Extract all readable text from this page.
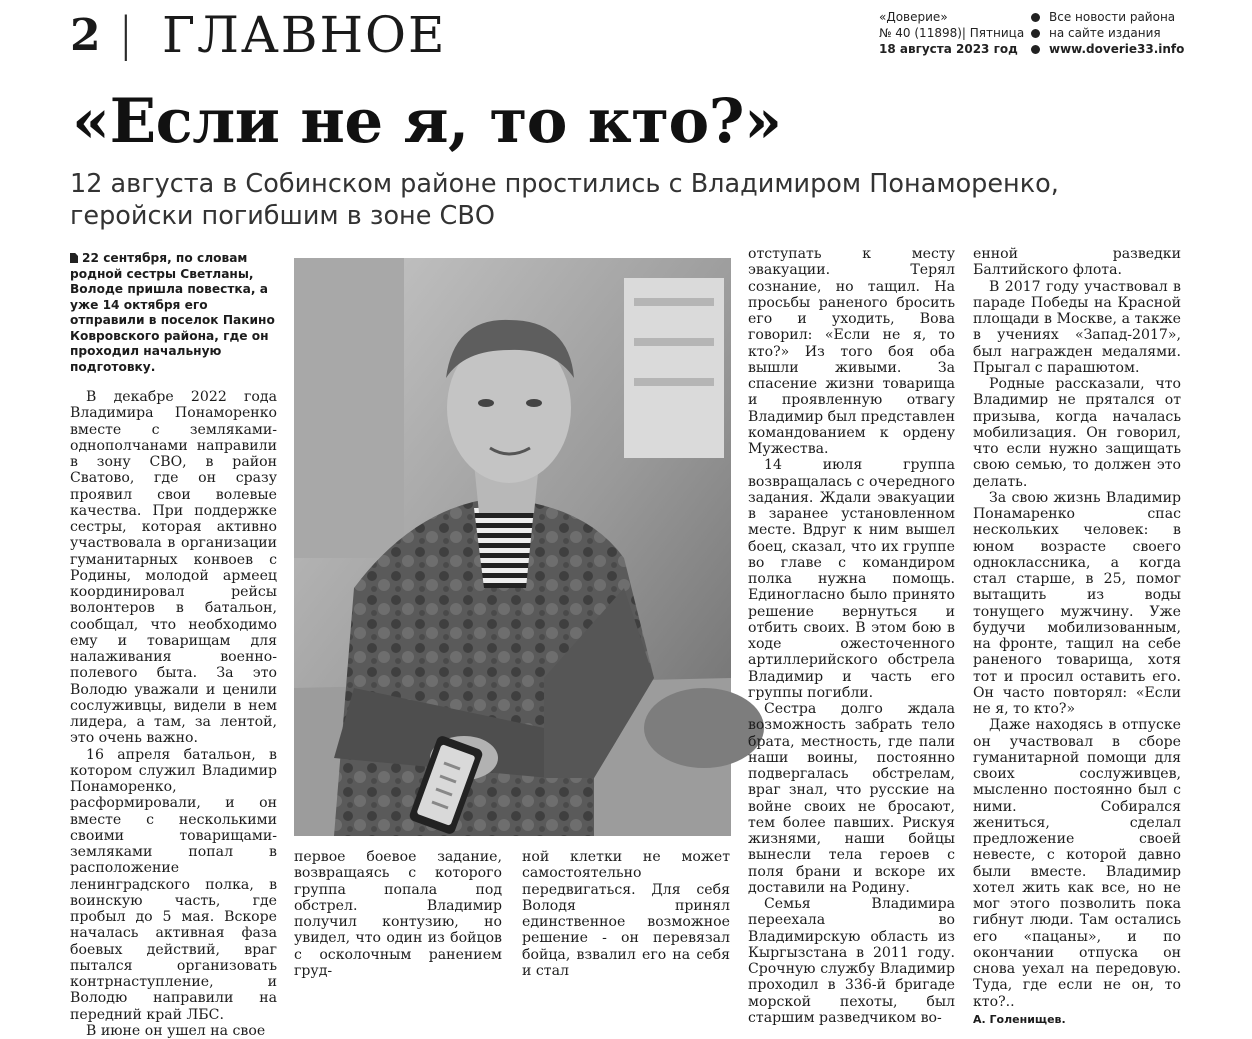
2 | ГЛАВНОЕ	«Доверие»
№ 40 (11898)| Пятница
18 августа 2023 год
Все новости района
на сайте издания
www.doverie33.info
«Если не я, то кто?»
12 августа в Собинском районе простились с Владимиром Понаморенко, геройски погибшим в зоне СВО

22 сентября, по словам родной сестры Светланы, Володе пришла повестка, а уже 14 октября его отправили в поселок Пакино Ковровского района, где он проходил начальную подготовку.

В декабре 2022 года Владимира Понаморенко вместе с земляками-однополчанами направили в зону СВО, в район Сватово, где он сразу проявил свои волевые качества. При поддержке сестры, которая активно участвовала в организации гуманитарных конвоев с Родины, молодой армеец координировал рейсы волонтеров в батальон, сообщал, что необходимо ему и товарищам для налаживания военно-полевого быта. За это Володю уважали и ценили сослуживцы, видели в нем лидера, а там, за лентой, это очень важно.

16 апреля батальон, в котором служил Владимир Понаморенко, расформировали, и он вместе с несколькими своими товарищами-земляками попал в расположение ленинградского полка, в воинскую часть, где пробыл до 5 мая. Вскоре началась активная фаза боевых действий, враг пытался организовать контрнаступление, и Володю направили на передний край ЛБС.

В июне он ушел на свое

первое боевое задание, возвращаясь с которого группа попала под обстрел. Владимир получил контузию, но увидел, что один из бойцов с осколочным ранением груд-

ной клетки не может самостоятельно передвигаться. Для себя Володя принял единственное возможное решение - он перевязал бойца, взвалил его на себя и стал

отступать к месту эвакуации. Терял сознание, но тащил. На просьбы раненого бросить его и уходить, Вова говорил: «Если не я, то кто?» Из того боя оба вышли живыми. За спасение жизни товарища и проявленную отвагу Владимир был представлен командованием к ордену Мужества.

14 июля группа возвращалась с очередного задания. Ждали эвакуации в заранее установленном месте. Вдруг к ним вышел боец, сказал, что их группе во главе с командиром полка нужна помощь. Единогласно было принято решение вернуться и отбить своих. В этом бою в ходе ожесточенного артиллерийского обстрела Владимир и часть его группы погибли.

Сестра долго ждала возможность забрать тело брата, местность, где пали наши воины, постоянно подвергалась обстрелам, враг знал, что русские на войне своих не бросают, тем более павших. Рискуя жизнями, наши бойцы вынесли тела героев с поля брани и вскоре их доставили на Родину.

Семья Владимира переехала во Владимирскую область из Кыргызстана в 2011 году. Срочную службу Владимир проходил в 336-й бригаде морской пехоты, был старшим разведчиком во-

енной разведки Балтийского флота.

В 2017 году участвовал в параде Победы на Красной площади в Москве, а также в учениях «Запад-2017», был награжден медалями. Прыгал с парашютом.

Родные рассказали, что Владимир не прятался от призыва, когда началась мобилизация. Он говорил, что если нужно защищать свою семью, то должен это делать.

За свою жизнь Владимир Понамаренко спас нескольких человек: в юном возрасте своего одноклассника, а когда стал старше, в 25, помог вытащить из воды тонущего мужчину. Уже будучи мобилизованным, на фронте, тащил на себе раненого товарища, хотя тот и просил оставить его. Он часто повторял: «Если не я, то кто?»

Даже находясь в отпуске он участвовал в сборе гуманитарной помощи для своих сослуживцев, мысленно постоянно был с ними. Собирался жениться, сделал предложение своей невесте, с которой давно были вместе. Владимир хотел жить как все, но не мог этого позволить пока гибнут люди. Там остались его «пацаны», и по окончании отпуска он снова уехал на передовую. Туда, где если не он, то кто?..

А. Голенищев.
